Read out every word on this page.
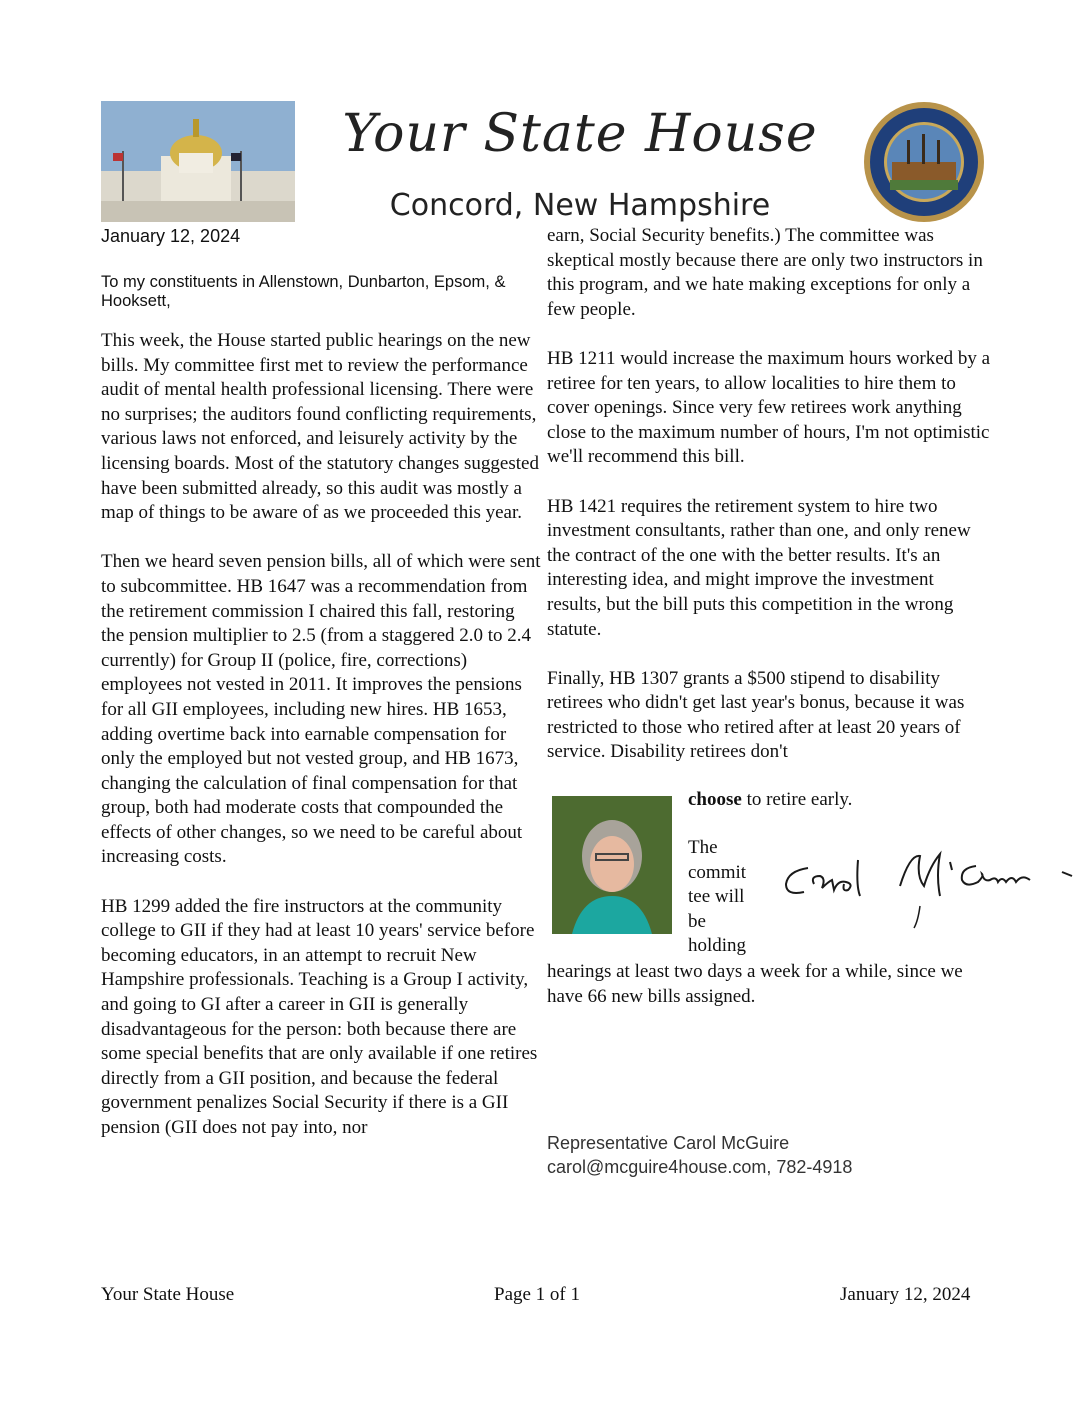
Your State House
Concord, New Hampshire
January 12, 2024
To my constituents in Allenstown, Dunbarton, Epsom, & Hooksett,

This week, the House started public hearings on the new bills. My committee first met to review the performance audit of mental health professional licensing. There were no surprises; the auditors found conflicting requirements, various laws not enforced, and leisurely activity by the licensing boards. Most of the statutory changes suggested have been submitted already, so this audit was mostly a map of things to be aware of as we proceeded this year.

Then we heard seven pension bills, all of which were sent to subcommittee. HB 1647 was a recommendation from the retirement commission I chaired this fall, restoring the pension multiplier to 2.5 (from a staggered 2.0 to 2.4 currently) for Group II (police, fire, corrections) employees not vested in 2011. It improves the pensions for all GII employees, including new hires. HB 1653, adding overtime back into earnable compensation for only the employed but not vested group, and HB 1673, changing the calculation of final compensation for that group, both had moderate costs that compounded the effects of other changes, so we need to be careful about increasing costs.

HB 1299 added the fire instructors at the community college to GII if they had at least 10 years' service before becoming educators, in an attempt to recruit New Hampshire professionals. Teaching is a Group I activity, and going to GI after a career in GII is generally disadvantageous for the person: both because there are some special benefits that are only available if one retires directly from a GII position, and because the federal government penalizes Social Security if there is a GII pension (GII does not pay into, nor

earn, Social Security benefits.) The committee was skeptical mostly because there are only two instructors in this program, and we hate making exceptions for only a few people.

HB 1211 would increase the maximum hours worked by a retiree for ten years, to allow localities to hire them to cover openings. Since very few retirees work anything close to the maximum number of hours, I'm not optimistic we'll recommend this bill.

HB 1421 requires the retirement system to hire two investment consultants, rather than one, and only renew the contract of the one with the better results. It's an interesting idea, and might improve the investment results, but the bill puts this competition in the wrong statute.

Finally, HB 1307 grants a $500 stipend to disability retirees who didn't get last year's bonus, because it was restricted to those who retired after at least 20 years of service. Disability retirees don't

choose to retire early.
The
commit
tee will
be
holding
hearings at least two days a week for a while, since we have 66 new bills assigned.
Representative Carol McGuire
carol@mcguire4house.com, 782-4918
Your State House	Page 1 of 1	January 12, 2024
